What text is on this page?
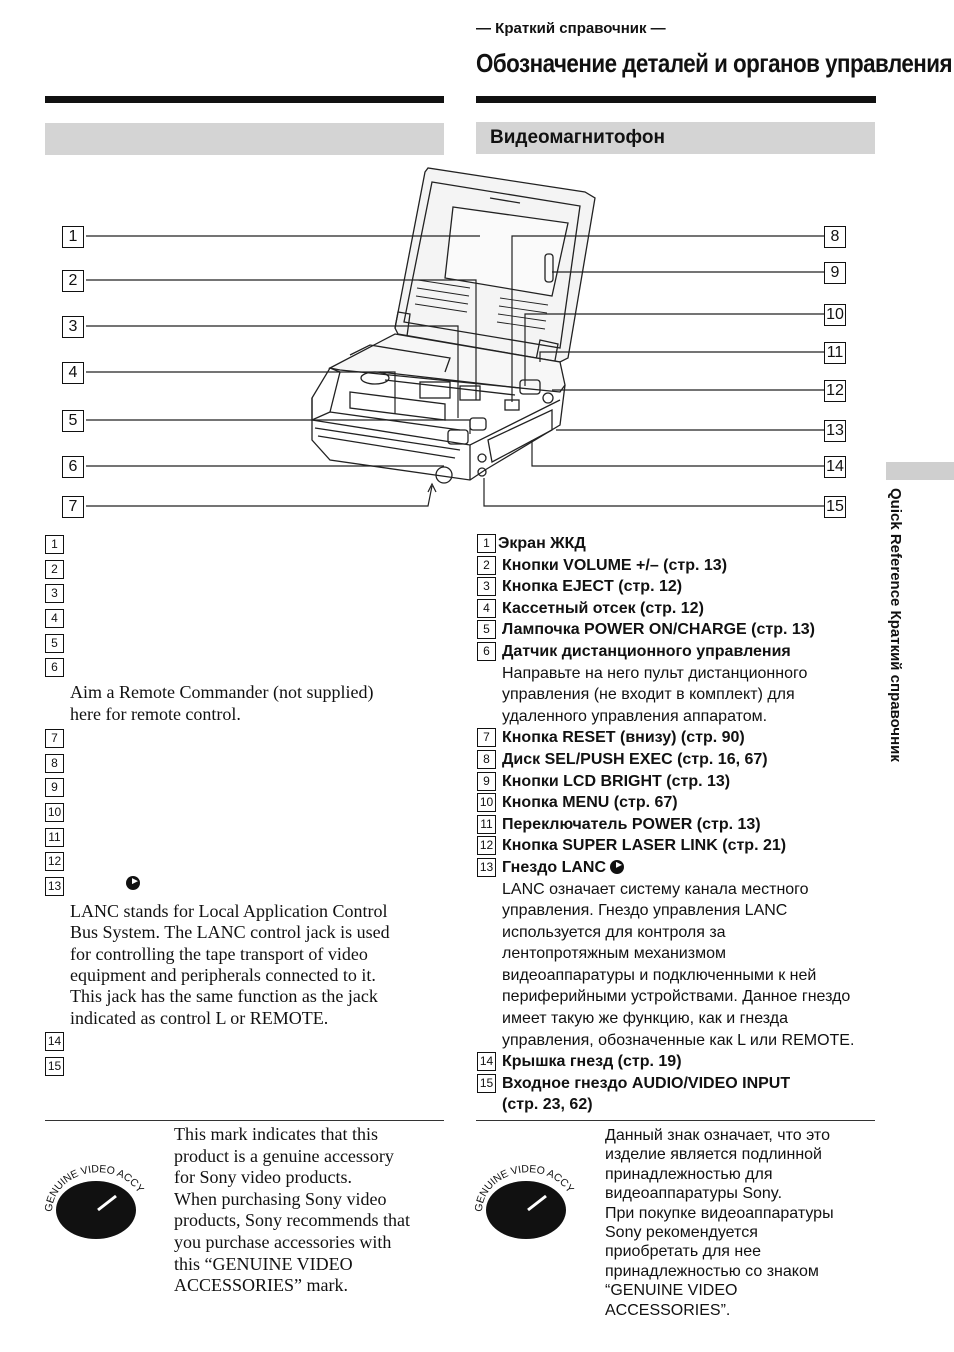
— Краткий справочник —
Обозначение деталей и органов управления
Видеомагнитофон
1
2
3
4
5
6
7
8
9
10
11
12
13
14
15
1
2
3
4
5
6
Aim a Remote Commander (not supplied)
here for remote control.
7
8
9
10
11
12
13
LANC stands for Local Application Control
Bus System. The LANC control jack is used
for controlling the tape transport of video
equipment and peripherals connected to it.
This jack has the same function as the jack
indicated as control L or REMOTE.
14
15
1 Экран ЖКД
2 Кнопки VOLUME +/– (стр. 13)
3 Кнопка EJECT (стр. 12)
4 Кассетный отсек (стр. 12)
5 Лампочка POWER ON/CHARGE (стр. 13)
6 Датчик дистанционного управления
Направьте на него пульт дистанционного
управления (не входит в комплект) для
удаленного управления аппаратом.
7 Кнопка RESET (внизу) (стр. 90)
8 Диск SEL/PUSH EXEC (стр. 16, 67)
9 Кнопки LCD BRIGHT (стр. 13)
10 Кнопка MENU (стр. 67)
11 Переключатель POWER (стр. 13)
12 Кнопка SUPER LASER LINK (стр. 21)
13 Гнездо LANC
LANC означает систему канала местного
управления. Гнездо управления LANC
используется для контроля за
лентопротяжным механизмом
видеоаппаратуры и подключенными к ней
периферийными устройствами. Данное гнездо
имеет такую же функцию, как и гнезда
управления, обозначенные как L или REMOTE.
14 Крышка гнезд (стр. 19)
15 Входное гнездо AUDIO/VIDEO INPUT
(стр. 23, 62)
Quick Reference Краткий справочник
GENUINE VIDEO ACCY
GENUINE VIDEO ACCY
This mark indicates that this
product is a genuine accessory
for Sony video products.
When purchasing Sony video
products, Sony recommends that
you purchase accessories with
this “GENUINE VIDEO
ACCESSORIES” mark.
Данный знак означает, что это
изделие является подлинной
принадлежностью для
видеоаппаратуры Sony.
При покупке видеоаппаратуры
Sony рекомендуется
приобретать для нее
принадлежностью со знаком
“GENUINE VIDEO
ACCESSORIES”.
